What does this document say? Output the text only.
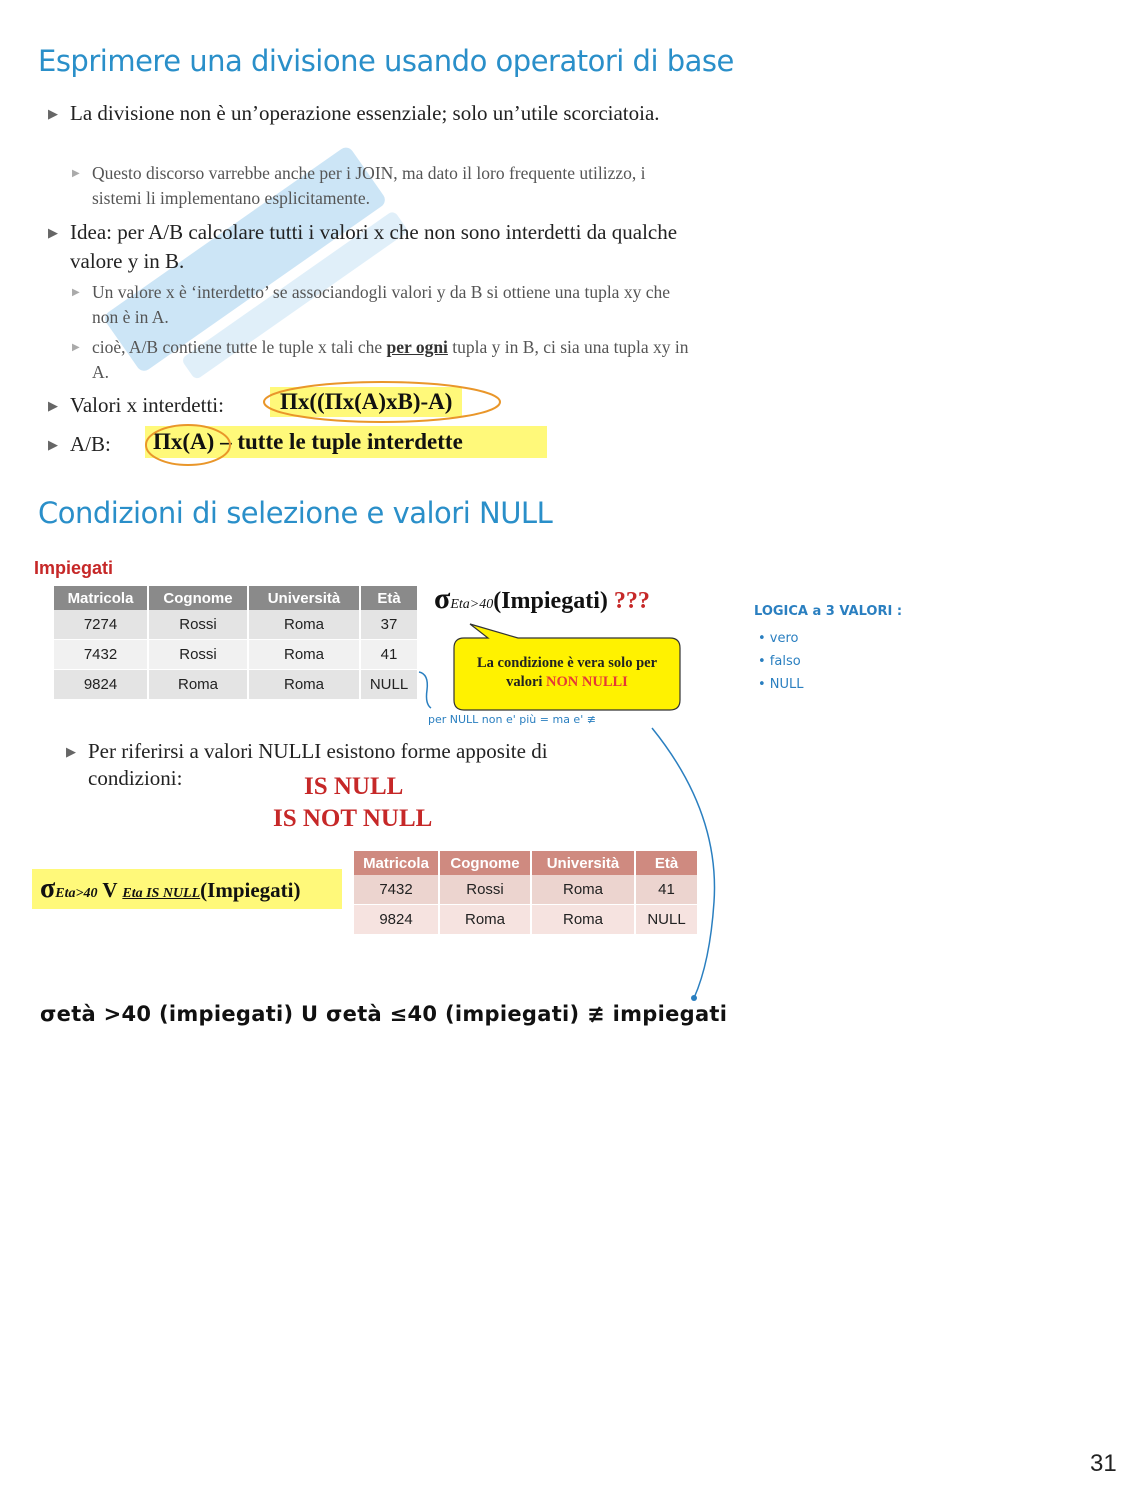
Esprimere una divisione usando operatori di base
▶ La divisione non è un’operazione essenziale; solo un’utile scorciatoia.
▶ Questo discorso varrebbe anche per i JOIN, ma dato il loro frequente utilizzo, i sistemi li implementano esplicitamente.
▶ Idea: per A/B calcolare tutti i valori x che non sono interdetti da qualche valore y in B.
▶ Un valore x è ‘interdetto’ se associandogli valori y da B si ottiene una tupla xy che non è in A.
▶ cioè, A/B contiene tutte le tuple x tali che per ogni tupla y in B, ci sia una tupla xy in A.
▶ Valori x interdetti:	Πx((Πx(A)xB)-A)
▶ A/B:	Πx(A) – tutte le tuple interdette
Condizioni di selezione e valori NULL
Impiegati
Matricola	Cognome	Università	Età
7274	Rossi	Roma	37
7432	Rossi	Roma	41
9824	Roma	Roma	NULL
σEta>40(Impiegati) ???
La condizione è vera solo per
valori NON NULLI
per NULL non e' più = ma e' ≢
LOGICA a 3 VALORI :
• vero
• falso
• NULL
▶ Per riferirsi a valori NULLI esistono forme apposite di condizioni:	IS NULL
IS NOT NULL
σEta>40 V Eta IS NULL(Impiegati)
Matricola	Cognome	Università	Età
7432	Rossi	Roma	41
9824	Roma	Roma	NULL
σetà >40 (impiegati) U σetà ≤40 (impiegati) ≢ impiegati
31
